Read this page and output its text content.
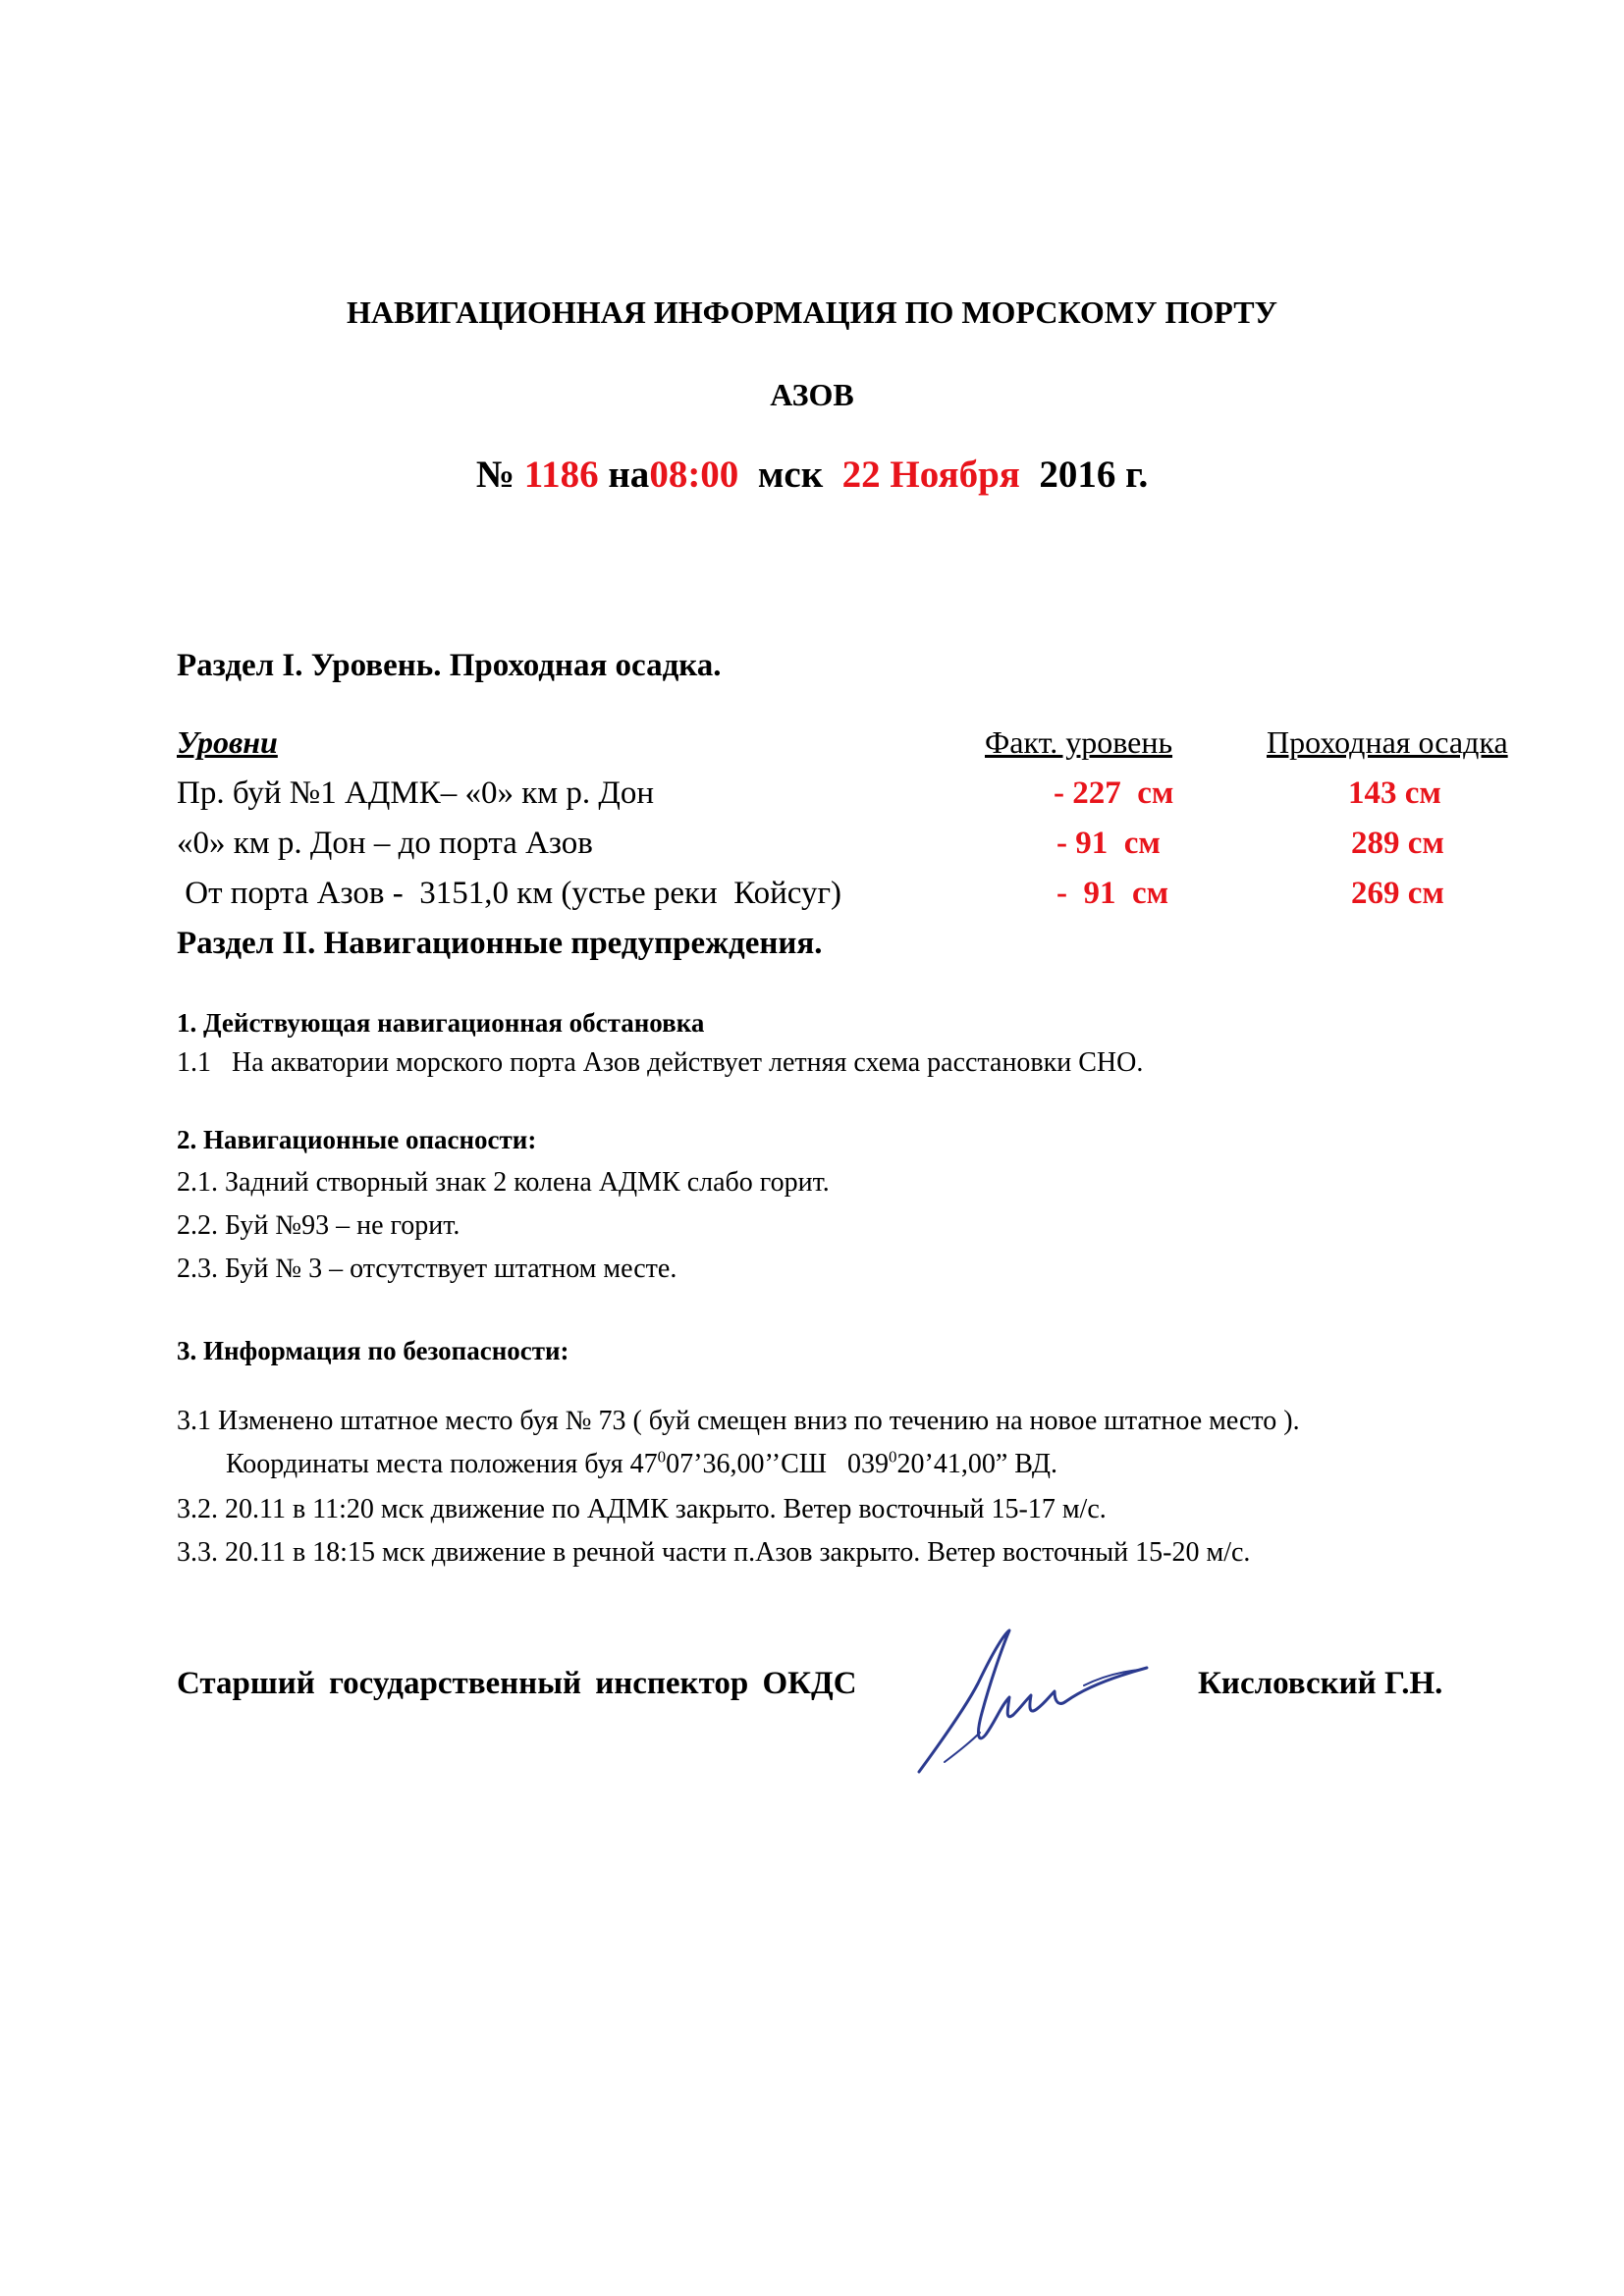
НАВИГАЦИОННАЯ ИНФОРМАЦИЯ ПО МОРСКОМУ ПОРТУ
АЗОВ
№ 1186 на08:00  мск  22 Ноября  2016 г.
Раздел I. Уровень. Проходная осадка.
Уровни	Факт. уровень	Проходная осадка
Пр. буй №1 АДМК– «0» км р. Дон	- 227  см	143 см
«0» км р. Дон – до порта Азов	- 91  см	289 см
От порта Азов -  3151,0 км (устье реки  Койсуг)	-  91  см	269 см
Раздел II. Навигационные предупреждения.
1. Действующая навигационная обстановка
1.1   На акватории морского порта Азов действует летняя схема расстановки СНО.
2. Навигационные опасности:
2.1. Задний створный знак 2 колена АДМК слабо горит.
2.2. Буй №93 – не горит.
2.3. Буй № 3 – отсутствует штатном месте.
3. Информация по безопасности:
3.1 Изменено штатное место буя № 73 ( буй смещен вниз по течению на новое штатное место ).
Координаты места положения буя $47^007’36,00’’СШ$   $039^020’41,00$” ВД.
3.2. 20.11 в 11:20 мск движение по АДМК закрыто. Ветер восточный 15-17 м/с.
3.3. 20.11 в 18:15 мск движение в речной части п.Азов закрыто. Ветер восточный 15-20 м/с.
Старший государственный инспектор ОКДС	Кисловский Г.Н.
